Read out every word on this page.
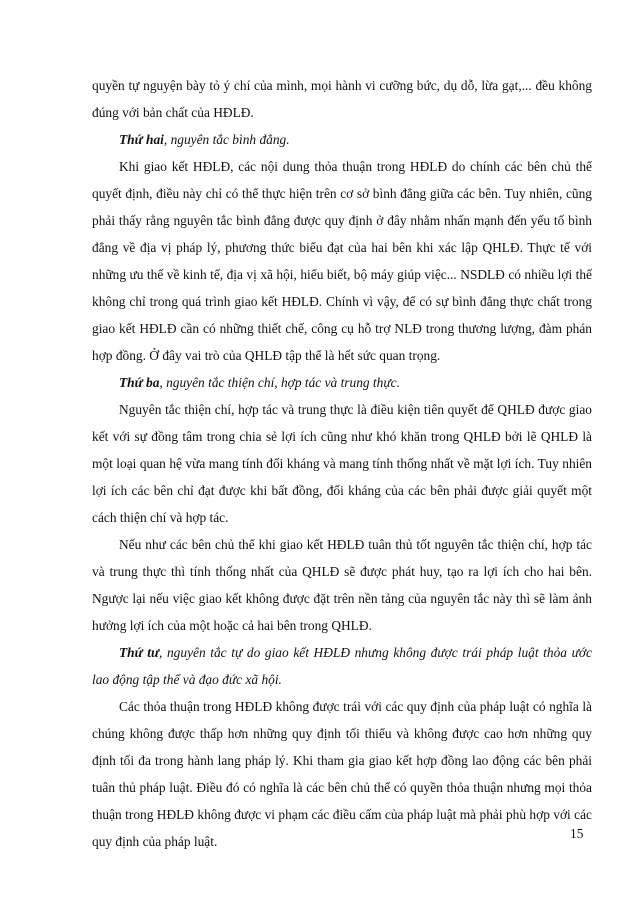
quyền tự nguyện bày tỏ ý chí của mình, mọi hành vi cưỡng bức, dụ dỗ, lừa gạt,... đều không đúng với bản chất của HĐLĐ.

Thứ hai, nguyên tắc bình đẳng.

Khi giao kết HĐLĐ, các nội dung thỏa thuận trong HĐLĐ do chính các bên chủ thể quyết định, điều này chỉ có thể thực hiện trên cơ sở bình đẳng giữa các bên. Tuy nhiên, cũng phải thấy rằng nguyên tắc bình đẳng được quy định ở đây nhằm nhấn mạnh đến yếu tố bình đẳng về địa vị pháp lý, phương thức biểu đạt của hai bên khi xác lập QHLĐ. Thực tế với những ưu thế về kinh tế, địa vị xã hội, hiểu biết, bộ máy giúp việc... NSDLĐ có nhiều lợi thế không chỉ trong quá trình giao kết HĐLĐ. Chính vì vậy, để có sự bình đẳng thực chất trong giao kết HĐLĐ cần có những thiết chế, công cụ hỗ trợ NLĐ trong thương lượng, đàm phán hợp đồng. Ở đây vai trò của QHLĐ tập thể là hết sức quan trọng.

Thứ ba, nguyên tắc thiện chí, hợp tác và trung thực.

Nguyên tắc thiện chí, hợp tác và trung thực là điều kiện tiên quyết để QHLĐ được giao kết với sự đồng tâm trong chia sẻ lợi ích cũng như khó khăn trong QHLĐ bởi lẽ QHLĐ là một loại quan hệ vừa mang tính đối kháng và mang tính thống nhất về mặt lợi ích. Tuy nhiên lợi ích các bên chỉ đạt được khi bất đồng, đối kháng của các bên phải được giải quyết một cách thiện chí và hợp tác.

Nếu như các bên chủ thể khi giao kết HĐLĐ tuân thủ tốt nguyên tắc thiện chí, hợp tác và trung thực thì tính thống nhất của QHLĐ sẽ được phát huy, tạo ra lợi ích cho hai bên. Ngược lại nếu việc giao kết không được đặt trên nền tảng của nguyên tắc này thì sẽ làm ảnh hưởng lợi ích của một hoặc cả hai bên trong QHLĐ.

Thứ tư, nguyên tắc tự do giao kết HĐLĐ nhưng không được trái pháp luật thỏa ước lao động tập thể và đạo đức xã hội.

Các thỏa thuận trong HĐLĐ không được trái với các quy định của pháp luật có nghĩa là chúng không được thấp hơn những quy định tối thiểu và không được cao hơn những quy định tối đa trong hành lang pháp lý. Khi tham gia giao kết hợp đồng lao động các bên phải tuân thủ pháp luật. Điều đó có nghĩa là các bên chủ thể có quyền thỏa thuận nhưng mọi thỏa thuận trong HĐLĐ không được vi phạm các điều cấm của pháp luật mà phải phù hợp với các quy định của pháp luật.

15
